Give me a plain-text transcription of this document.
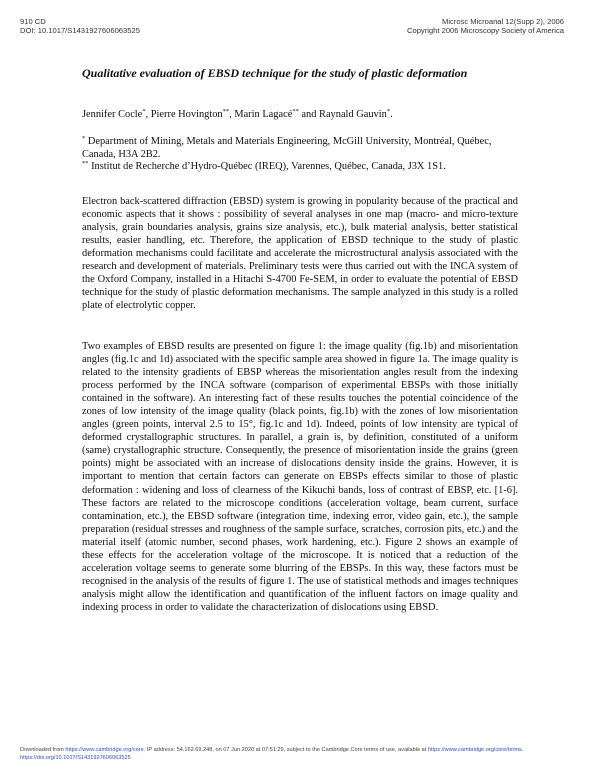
910 CD
DOI: 10.1017/S1431927606063525
Microsc Microanal 12(Supp 2), 2006
Copyright 2006 Microscopy Society of America
Qualitative evaluation of EBSD technique for the study of plastic deformation
Jennifer Cocle*, Pierre Hovington**, Marin Lagacé** and Raynald Gauvin*.

* Department of Mining, Metals and Materials Engineering, McGill University, Montréal, Québec, Canada, H3A 2B2.

** Institut de Recherche d’Hydro-Québec (IREQ), Varennes, Québec, Canada, J3X 1S1.

Electron back-scattered diffraction (EBSD) system is growing in popularity because of the practical and economic aspects that it shows : possibility of several analyses in one map (macro- and micro-texture analysis, grain boundaries analysis, grains size analysis, etc.), bulk material analysis, better statistical results, easier handling, etc. Therefore, the application of EBSD technique to the study of plastic deformation mechanisms could facilitate and accelerate the microstructural analysis associated with the research and development of materials. Preliminary tests were thus carried out with the INCA system of the Oxford Company, installed in a Hitachi S-4700 Fe-SEM, in order to evaluate the potential of EBSD technique for the study of plastic deformation mechanisms. The sample analyzed in this study is a rolled plate of electrolytic copper.

Two examples of EBSD results are presented on figure 1: the image quality (fig.1b) and misorientation angles (fig.1c and 1d) associated with the specific sample area showed in figure 1a. The image quality is related to the intensity gradients of EBSP whereas the misorientation angles result from the indexing process performed by the INCA software (comparison of experimental EBSPs with those initially contained in the software). An interesting fact of these results touches the potential coincidence of the zones of low intensity of the image quality (black points, fig.1b) with the zones of low misorientation angles (green points, interval 2.5 to 15°, fig.1c and 1d). Indeed, points of low intensity are typical of deformed crystallographic structures. In parallel, a grain is, by definition, constituted of a uniform (same) crystallographic structure. Consequently, the presence of misorientation inside the grains (green points) might be associated with an increase of dislocations density inside the grains. However, it is important to mention that certain factors can generate on EBSPs effects similar to those of plastic deformation : widening and loss of clearness of the Kikuchi bands, loss of contrast of EBSP, etc. [1-6]. These factors are related to the microscope conditions (acceleration voltage, beam current, surface contamination, etc.), the EBSD software (integration time, indexing error, video gain, etc.), the sample preparation (residual stresses and roughness of the sample surface, scratches, corrosion pits, etc.) and the material itself (atomic number, second phases, work hardening, etc.). Figure 2 shows an example of these effects for the acceleration voltage of the microscope. It is noticed that a reduction of the acceleration voltage seems to generate some blurring of the EBSPs. In this way, these factors must be recognised in the analysis of the results of figure 1. The use of statistical methods and images techniques analysis might allow the identification and quantification of the influent factors on image quality and indexing process in order to validate the characterization of dislocations using EBSD.

Downloaded from https://www.cambridge.org/core. IP address: 54.162.69.248, on 07 Jun 2020 at 07:51:29, subject to the Cambridge Core terms of use, available at https://www.cambridge.org/core/terms.
https://doi.org/10.1017/S1431927606063525
